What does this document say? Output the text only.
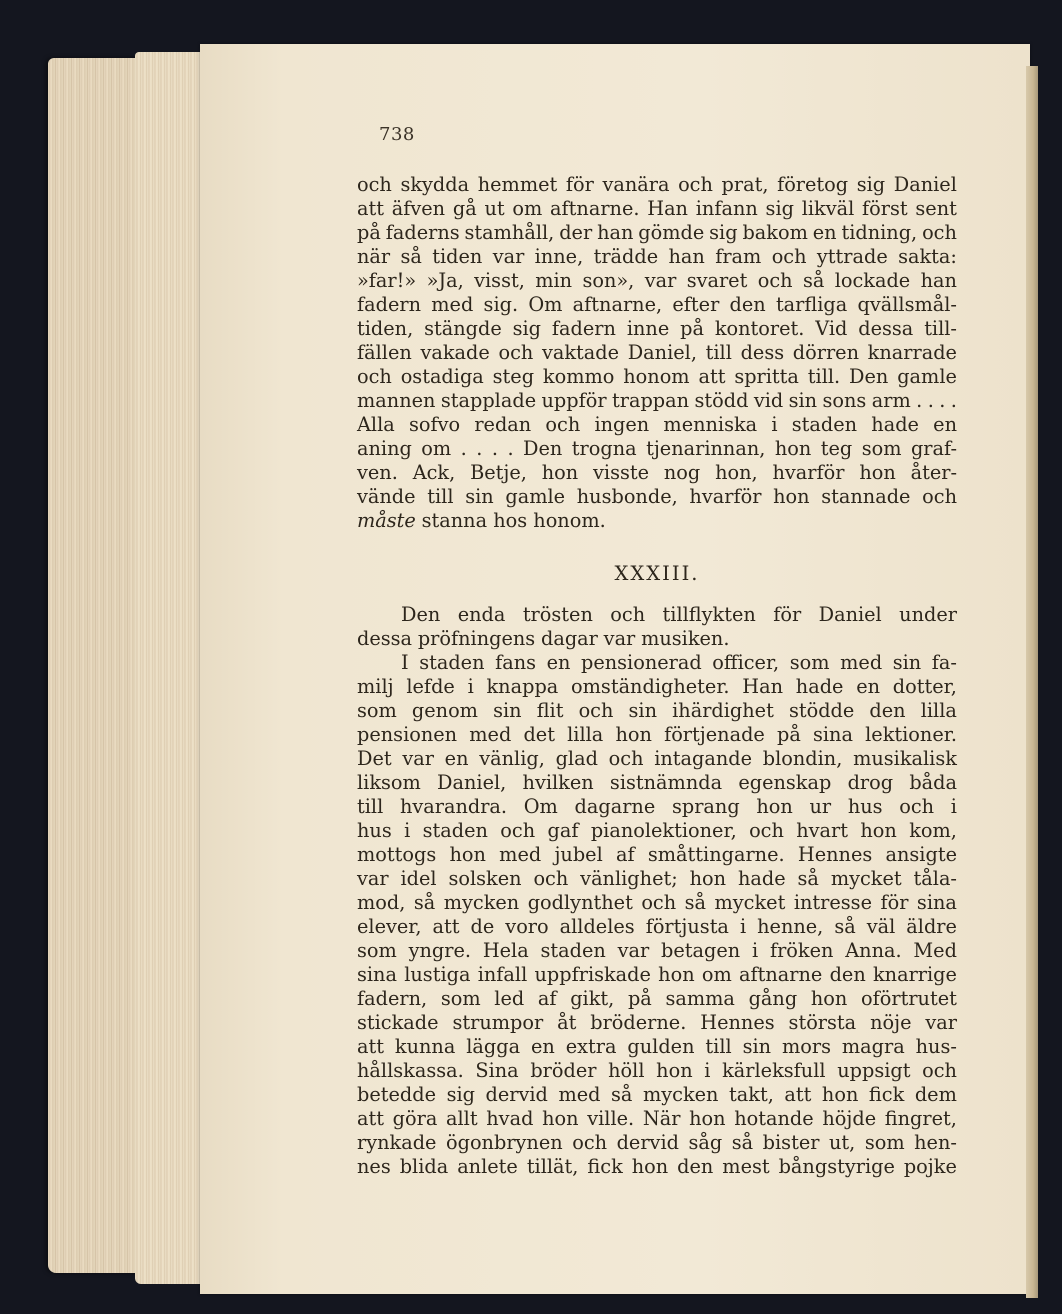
738
och skydda hemmet för vanära och prat, företog sig Daniel
att äfven gå ut om aftnarne. Han infann sig likväl först sent
på faderns stamhåll, der han gömde sig bakom en tidning, och
när så tiden var inne, trädde han fram och yttrade sakta:
»far!» »Ja, visst, min son», var svaret och så lockade han
fadern med sig. Om aftnarne, efter den tarfliga qvällsmål-
tiden, stängde sig fadern inne på kontoret. Vid dessa till-
fällen vakade och vaktade Daniel, till dess dörren knarrade
och ostadiga steg kommo honom att spritta till. Den gamle
mannen stapplade uppför trappan stödd vid sin sons arm . . . .
Alla sofvo redan och ingen menniska i staden hade en
aning om . . . . Den trogna tjenarinnan, hon teg som graf-
ven. Ack, Betje, hon visste nog hon, hvarför hon åter-
vände till sin gamle husbonde, hvarför hon stannade och
måste stanna hos honom.
XXXIII.
Den enda trösten och tillflykten för Daniel under
dessa pröfningens dagar var musiken.
I staden fans en pensionerad officer, som med sin fa-
milj lefde i knappa omständigheter. Han hade en dotter,
som genom sin flit och sin ihärdighet stödde den lilla
pensionen med det lilla hon förtjenade på sina lektioner.
Det var en vänlig, glad och intagande blondin, musikalisk
liksom Daniel, hvilken sistnämnda egenskap drog båda
till hvarandra. Om dagarne sprang hon ur hus och i
hus i staden och gaf pianolektioner, och hvart hon kom,
mottogs hon med jubel af småttingarne. Hennes ansigte
var idel solsken och vänlighet; hon hade så mycket tåla-
mod, så mycken godlynthet och så mycket intresse för sina
elever, att de voro alldeles förtjusta i henne, så väl äldre
som yngre. Hela staden var betagen i fröken Anna. Med
sina lustiga infall uppfriskade hon om aftnarne den knarrige
fadern, som led af gikt, på samma gång hon oförtrutet
stickade strumpor åt bröderne. Hennes största nöje var
att kunna lägga en extra gulden till sin mors magra hus-
hållskassa. Sina bröder höll hon i kärleksfull uppsigt och
betedde sig dervid med så mycken takt, att hon fick dem
att göra allt hvad hon ville. När hon hotande höjde fingret,
rynkade ögonbrynen och dervid såg så bister ut, som hen-
nes blida anlete tillät, fick hon den mest bångstyrige pojke
